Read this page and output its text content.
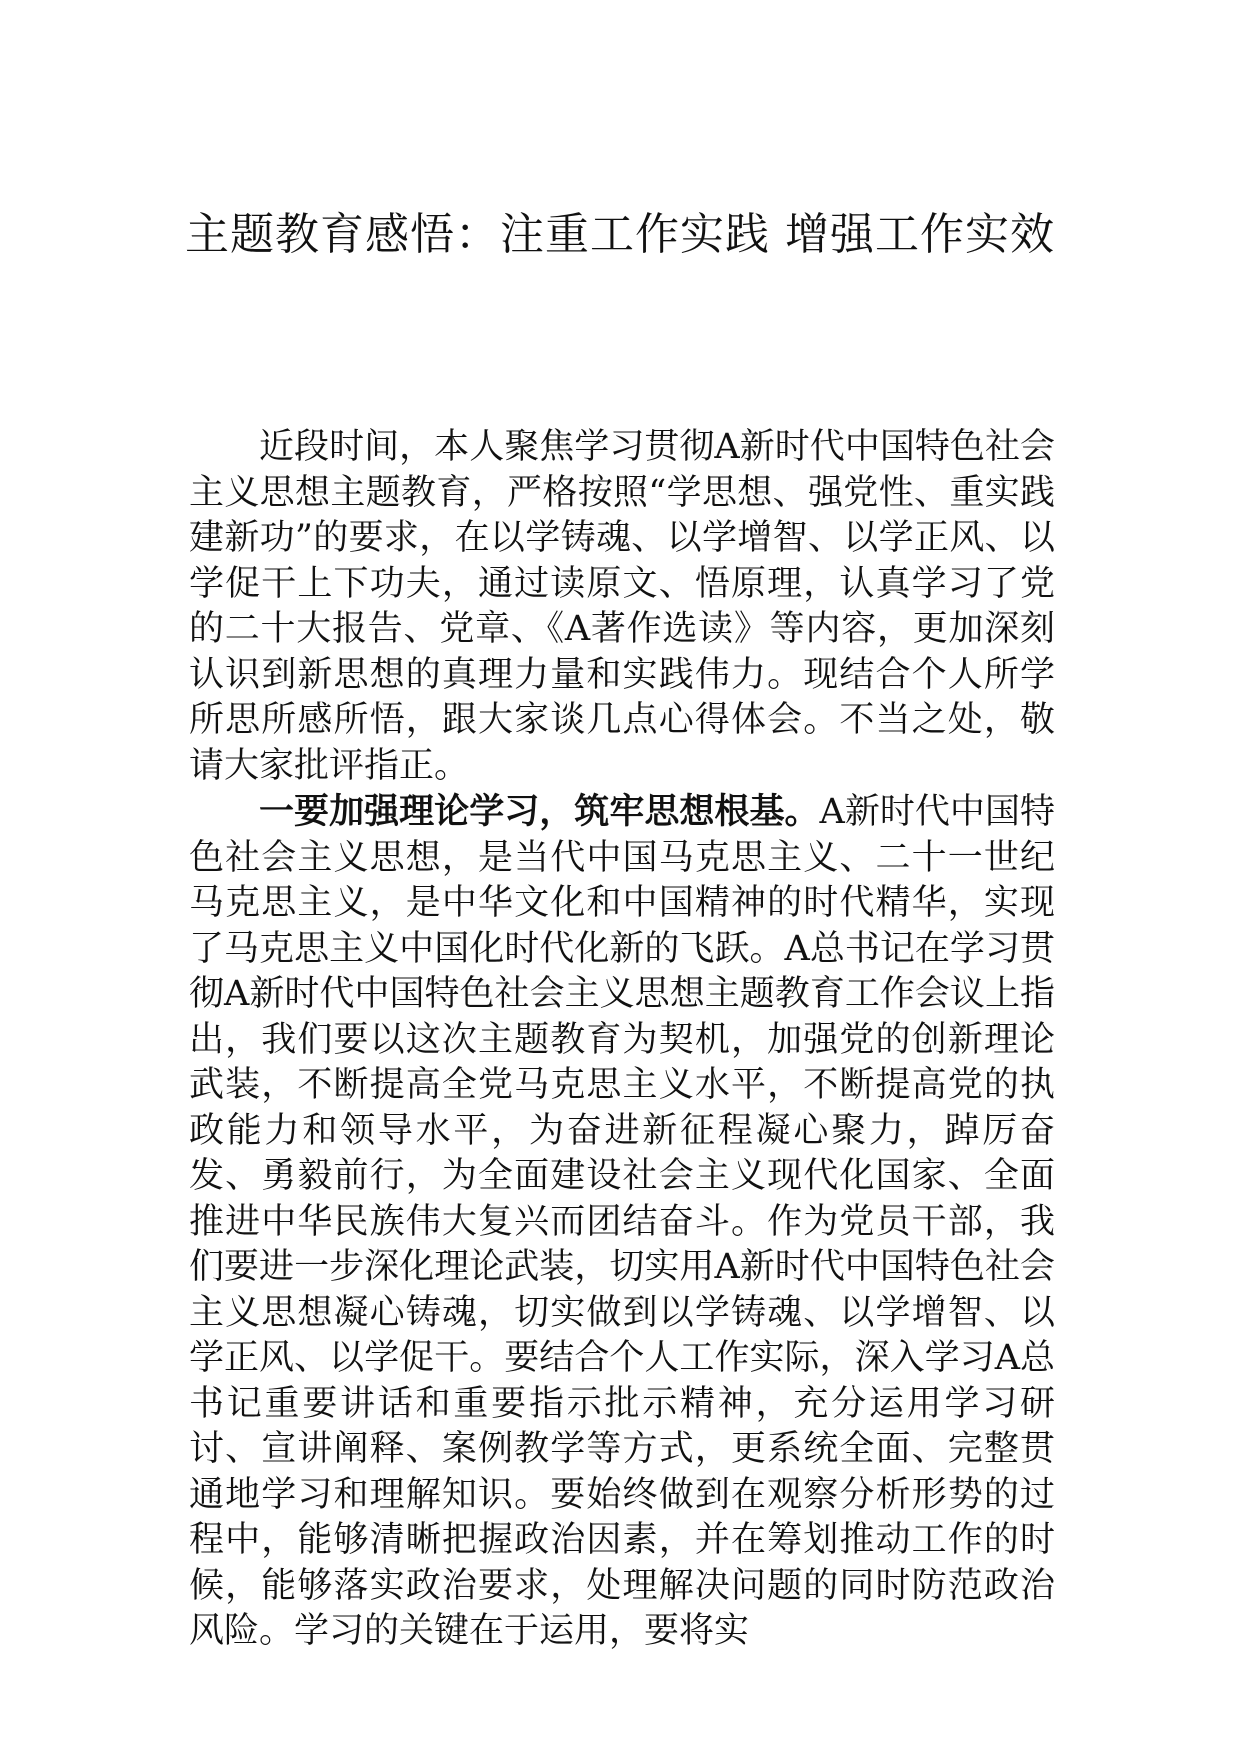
主题教育感悟：注重工作实践 增强工作实效

近段时间，本人聚焦学习贯彻A新时代中国特色社会主义思想主题教育，严格按照“学思想、强党性、重实践建新功”的要求，在以学铸魂、以学增智、以学正风、以学促干上下功夫，通过读原文、悟原理，认真学习了党的二十大报告、党章、《A著作选读》等内容，更加深刻认识到新思想的真理力量和实践伟力。现结合个人所学所思所感所悟，跟大家谈几点心得体会。不当之处，敬请大家批评指正。

一要加强理论学习，筑牢思想根基。A新时代中国特色社会主义思想，是当代中国马克思主义、二十一世纪马克思主义，是中华文化和中国精神的时代精华，实现了马克思主义中国化时代化新的飞跃。A总书记在学习贯彻A新时代中国特色社会主义思想主题教育工作会议上指出，我们要以这次主题教育为契机，加强党的创新理论武装，不断提高全党马克思主义水平，不断提高党的执政能力和领导水平，为奋进新征程凝心聚力，踔厉奋发、勇毅前行，为全面建设社会主义现代化国家、全面推进中华民族伟大复兴而团结奋斗。作为党员干部，我们要进一步深化理论武装，切实用A新时代中国特色社会主义思想凝心铸魂，切实做到以学铸魂、以学增智、以学正风、以学促干。要结合个人工作实际，深入学习A总书记重要讲话和重要指示批示精神，充分运用学习研讨、宣讲阐释、案例教学等方式，更系统全面、完整贯通地学习和理解知识。要始终做到在观察分析形势的过程中，能够清晰把握政治因素，并在筹划推动工作的时候，能够落实政治要求，处理解决问题的同时防范政治风险。学习的关键在于运用，要将实
